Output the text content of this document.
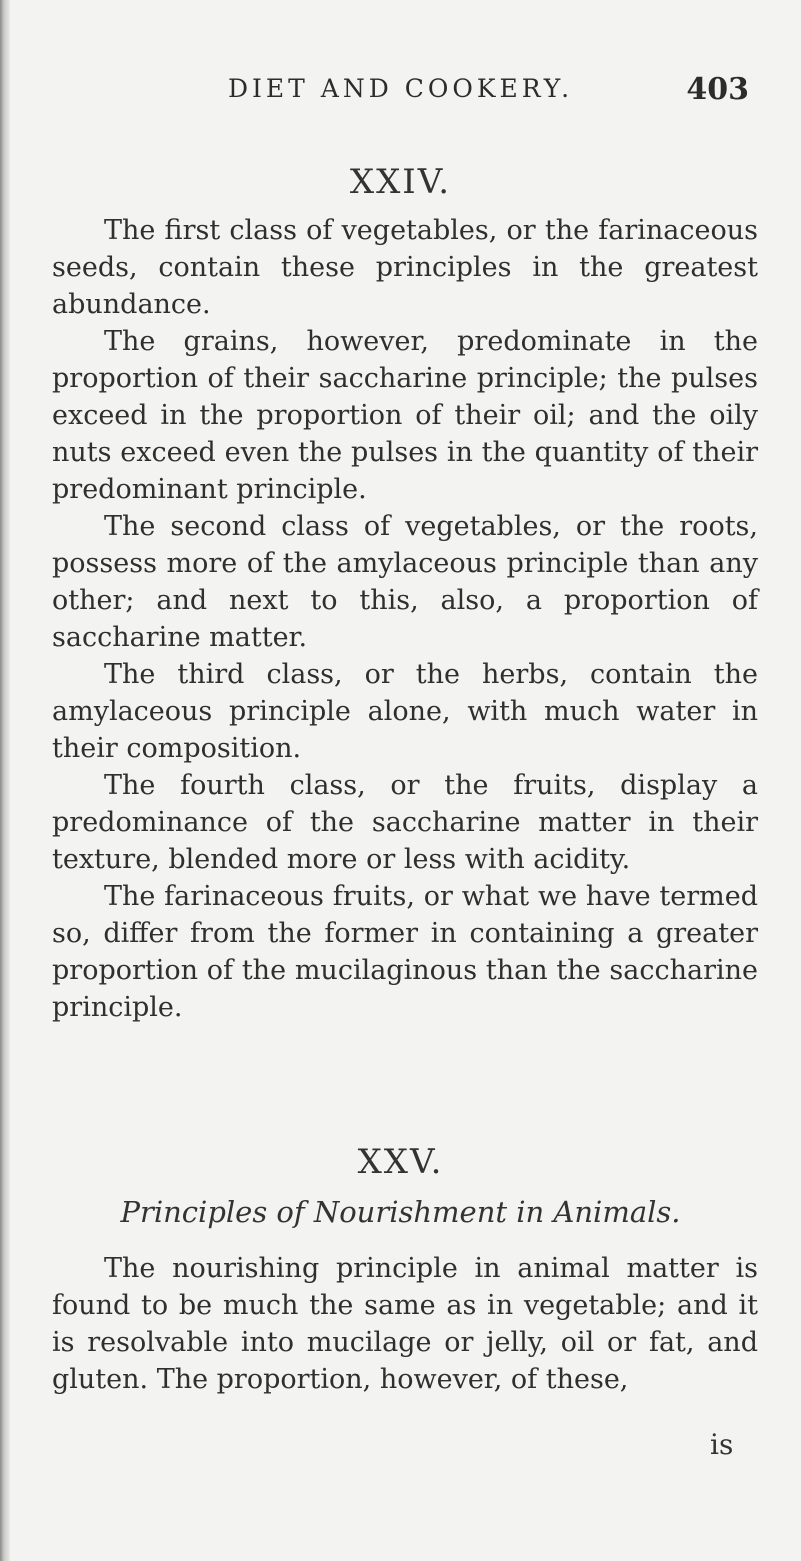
DIET AND COOKERY.	403
XXIV.

The first class of vegetables, or the farinaceous seeds, contain these principles in the greatest abundance.

The grains, however, predominate in the proportion of their saccharine principle; the pulses exceed in the proportion of their oil; and the oily nuts exceed even the pulses in the quantity of their predominant principle.

The second class of vegetables, or the roots, possess more of the amylaceous principle than any other; and next to this, also, a proportion of saccharine matter.

The third class, or the herbs, contain the amylaceous principle alone, with much water in their composition.

The fourth class, or the fruits, display a predominance of the saccharine matter in their texture, blended more or less with acidity.

The farinaceous fruits, or what we have termed so, differ from the former in containing a greater proportion of the mucilaginous than the saccharine principle.

XXV.
Principles of Nourishment in Animals.

The nourishing principle in animal matter is found to be much the same as in vegetable; and it is resolvable into mucilage or jelly, oil or fat, and gluten. The proportion, however, of these,

is
